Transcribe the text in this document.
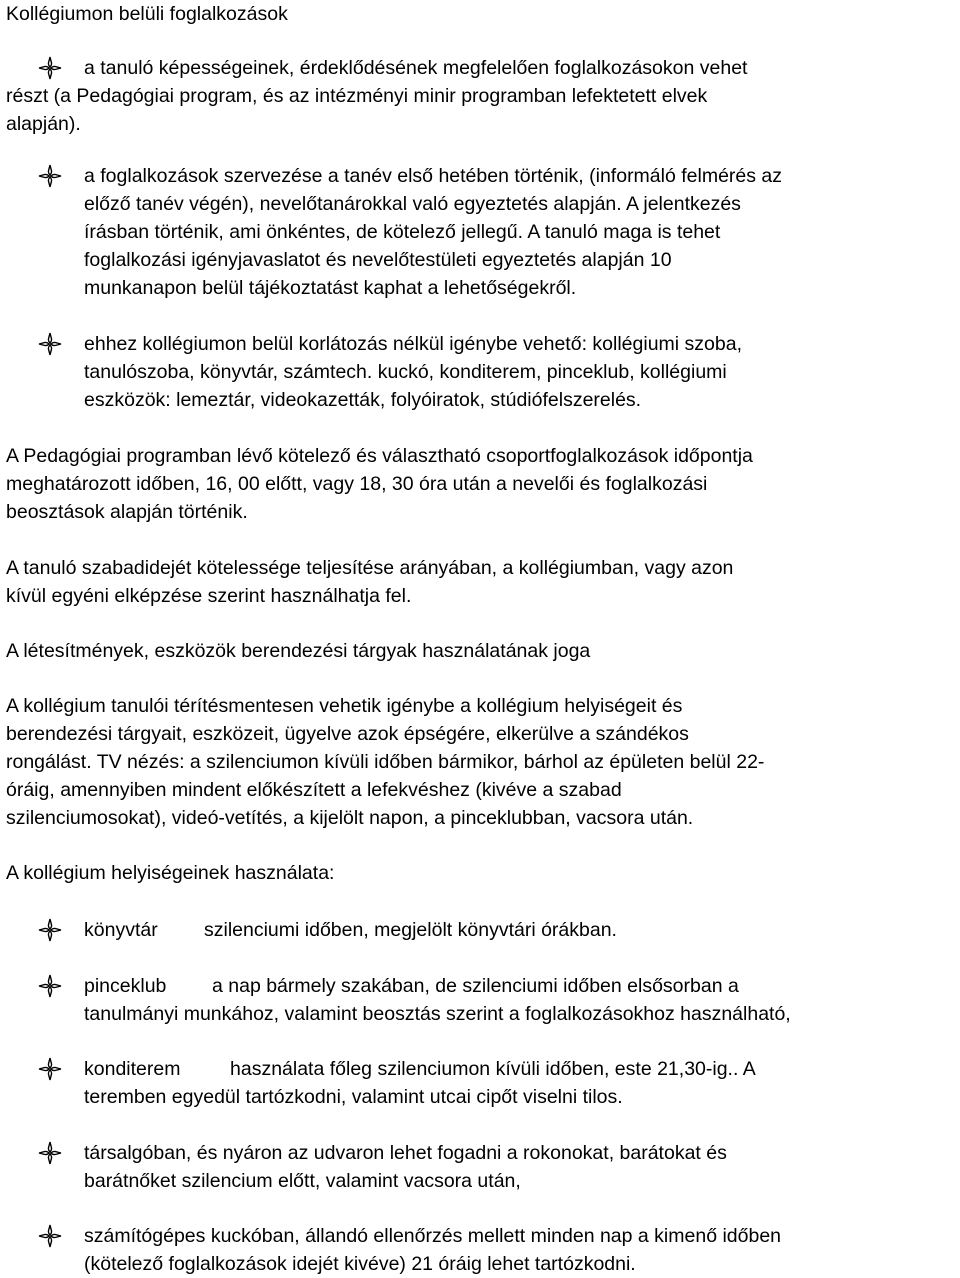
Kollégiumon belüli foglalkozások
a tanuló képességeinek, érdeklődésének megfelelően foglalkozásokon vehet
részt (a Pedagógiai program, és az intézményi minir programban lefektetett elvek
alapján).
a foglalkozások szervezése a tanév első hetében történik, (informáló felmérés az
előző tanév végén), nevelőtanárokkal való egyeztetés alapján. A jelentkezés
írásban történik, ami önkéntes, de kötelező jellegű. A tanuló maga is tehet
foglalkozási igényjavaslatot és nevelőtestületi egyeztetés alapján 10
munkanapon belül tájékoztatást kaphat a lehetőségekről.
ehhez kollégiumon belül korlátozás nélkül igénybe vehető: kollégiumi szoba,
tanulószoba, könyvtár, számtech. kuckó, konditerem, pinceklub, kollégiumi
eszközök: lemeztár, videokazetták, folyóiratok, stúdiófelszerelés.
A Pedagógiai programban lévő kötelező és választható csoportfoglalkozások időpontja
meghatározott időben, 16, 00 előtt, vagy 18, 30 óra után a nevelői és foglalkozási
beosztások alapján történik.
A tanuló szabadidejét kötelessége teljesítése arányában, a kollégiumban, vagy azon
kívül egyéni elképzése szerint használhatja fel.
A létesítmények, eszközök berendezési tárgyak használatának joga
A kollégium tanulói térítésmentesen vehetik igénybe a kollégium helyiségeit és
berendezési tárgyait, eszközeit, ügyelve azok épségére, elkerülve a szándékos
rongálást. TV nézés: a szilenciumon kívüli időben bármikor, bárhol az épületen belül 22-
óráig, amennyiben mindent előkészített a lefekvéshez (kivéve a szabad
szilenciumosokat), videó-vetítés, a kijelölt napon, a pinceklubban, vacsora után.
A kollégium helyiségeinek használata:
könyvtár szilenciumi időben, megjelölt könyvtári órákban.
pinceklub a nap bármely szakában, de szilenciumi időben elsősorban a
tanulmányi munkához, valamint beosztás szerint a foglalkozásokhoz használható,
konditerem	használata főleg szilenciumon kívüli időben, este 21,30-ig.. A
teremben egyedül tartózkodni, valamint utcai cipőt viselni tilos.
társalgóban, és nyáron az udvaron lehet fogadni a rokonokat, barátokat és
barátnőket szilencium előtt, valamint vacsora után,
számítógépes kuckóban, állandó ellenőrzés mellett minden nap a kimenő időben
(kötelező foglalkozások idejét kivéve) 21 óráig lehet tartózkodni.
